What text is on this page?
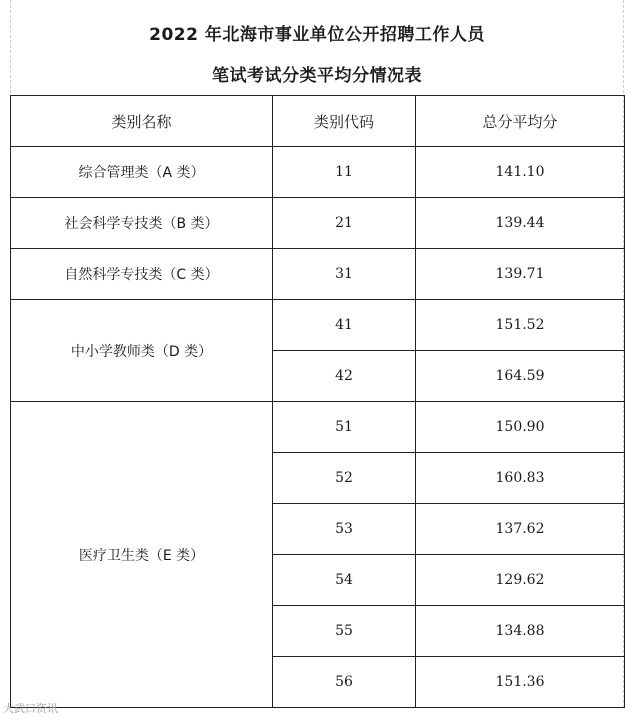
2022 年北海市事业单位公开招聘工作人员
笔试考试分类平均分情况表
类别名称	类别代码	总分平均分
综合管理类（A 类）	11	141.10
社会科学专技类（B 类）	21	139.44
自然科学专技类（C 类）	31	139.71
中小学教师类（D 类）	41	151.52
	42	164.59
医疗卫生类（E 类）	51	150.90
	52	160.83
	53	137.62
	54	129.62
	55	134.88
	56	151.36
大武口资讯
